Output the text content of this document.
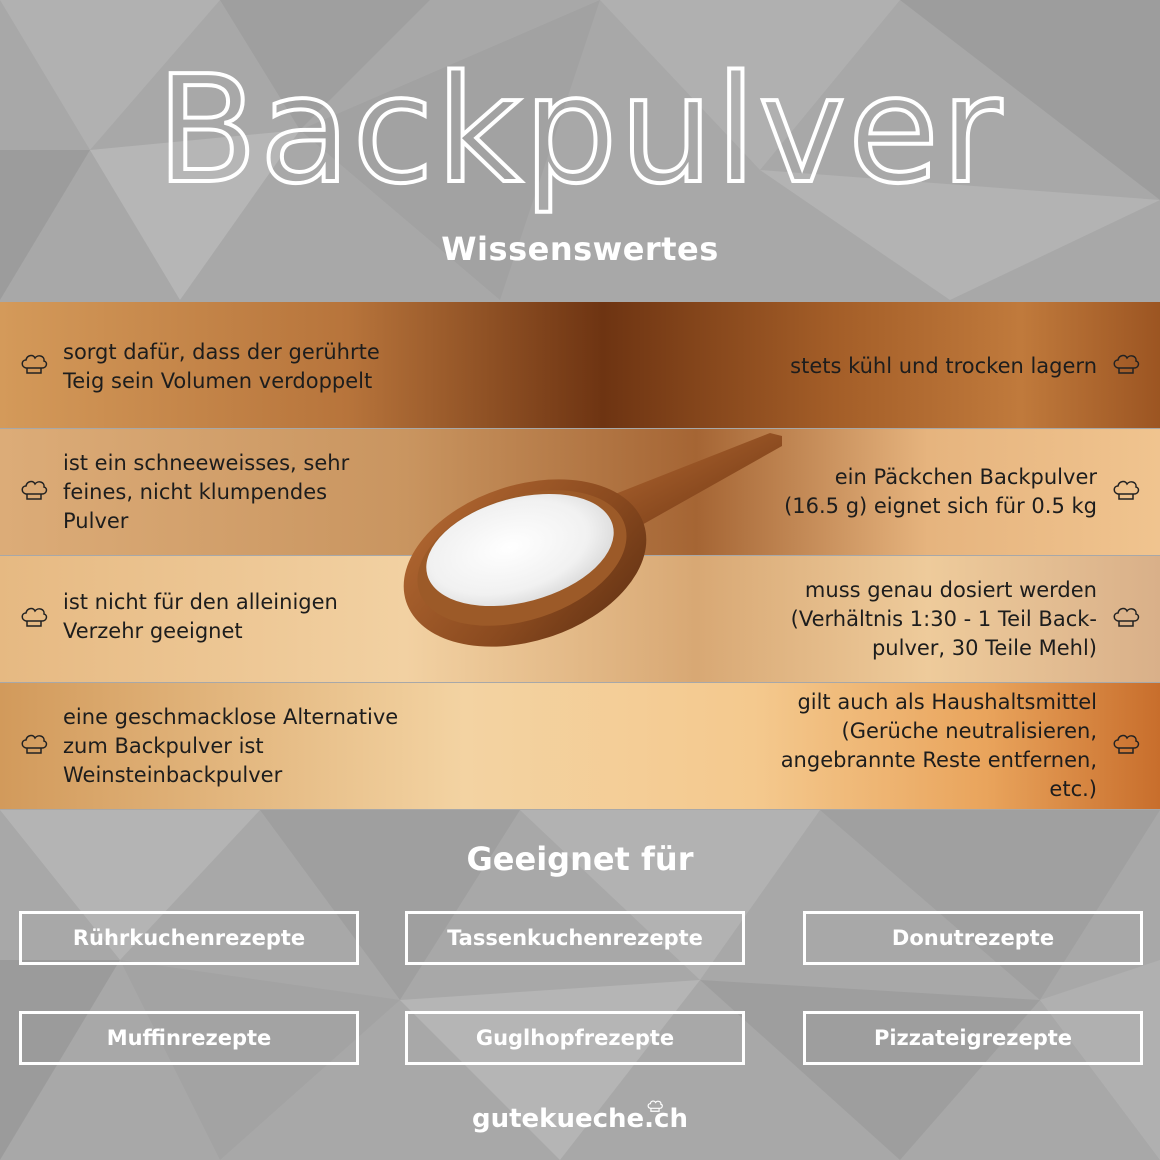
Backpulver
Wissenswertes
sorgt dafür, dass der gerührte
Teig sein Volumen verdoppelt
ist ein schneeweisses, sehr
feines, nicht klumpendes
Pulver
ist nicht für den alleinigen
Verzehr geeignet
eine geschmacklose Alternative
zum Backpulver ist
Weinsteinbackpulver
stets kühl und trocken lagern
ein Päckchen Backpulver
(16.5 g) eignet sich für 0.5 kg
muss genau dosiert werden
(Verhältnis 1:30 - 1 Teil Back-
pulver, 30 Teile Mehl)
gilt auch als Haushaltsmittel
(Gerüche neutralisieren,
angebrannte Reste entfernen,
etc.)
Geeignet für
Rührkuchenrezepte	Tassenkuchenrezepte	Donutrezepte
Muffinrezepte	Guglhopfrezepte	Pizzateigrezepte
gutekueche.ch
